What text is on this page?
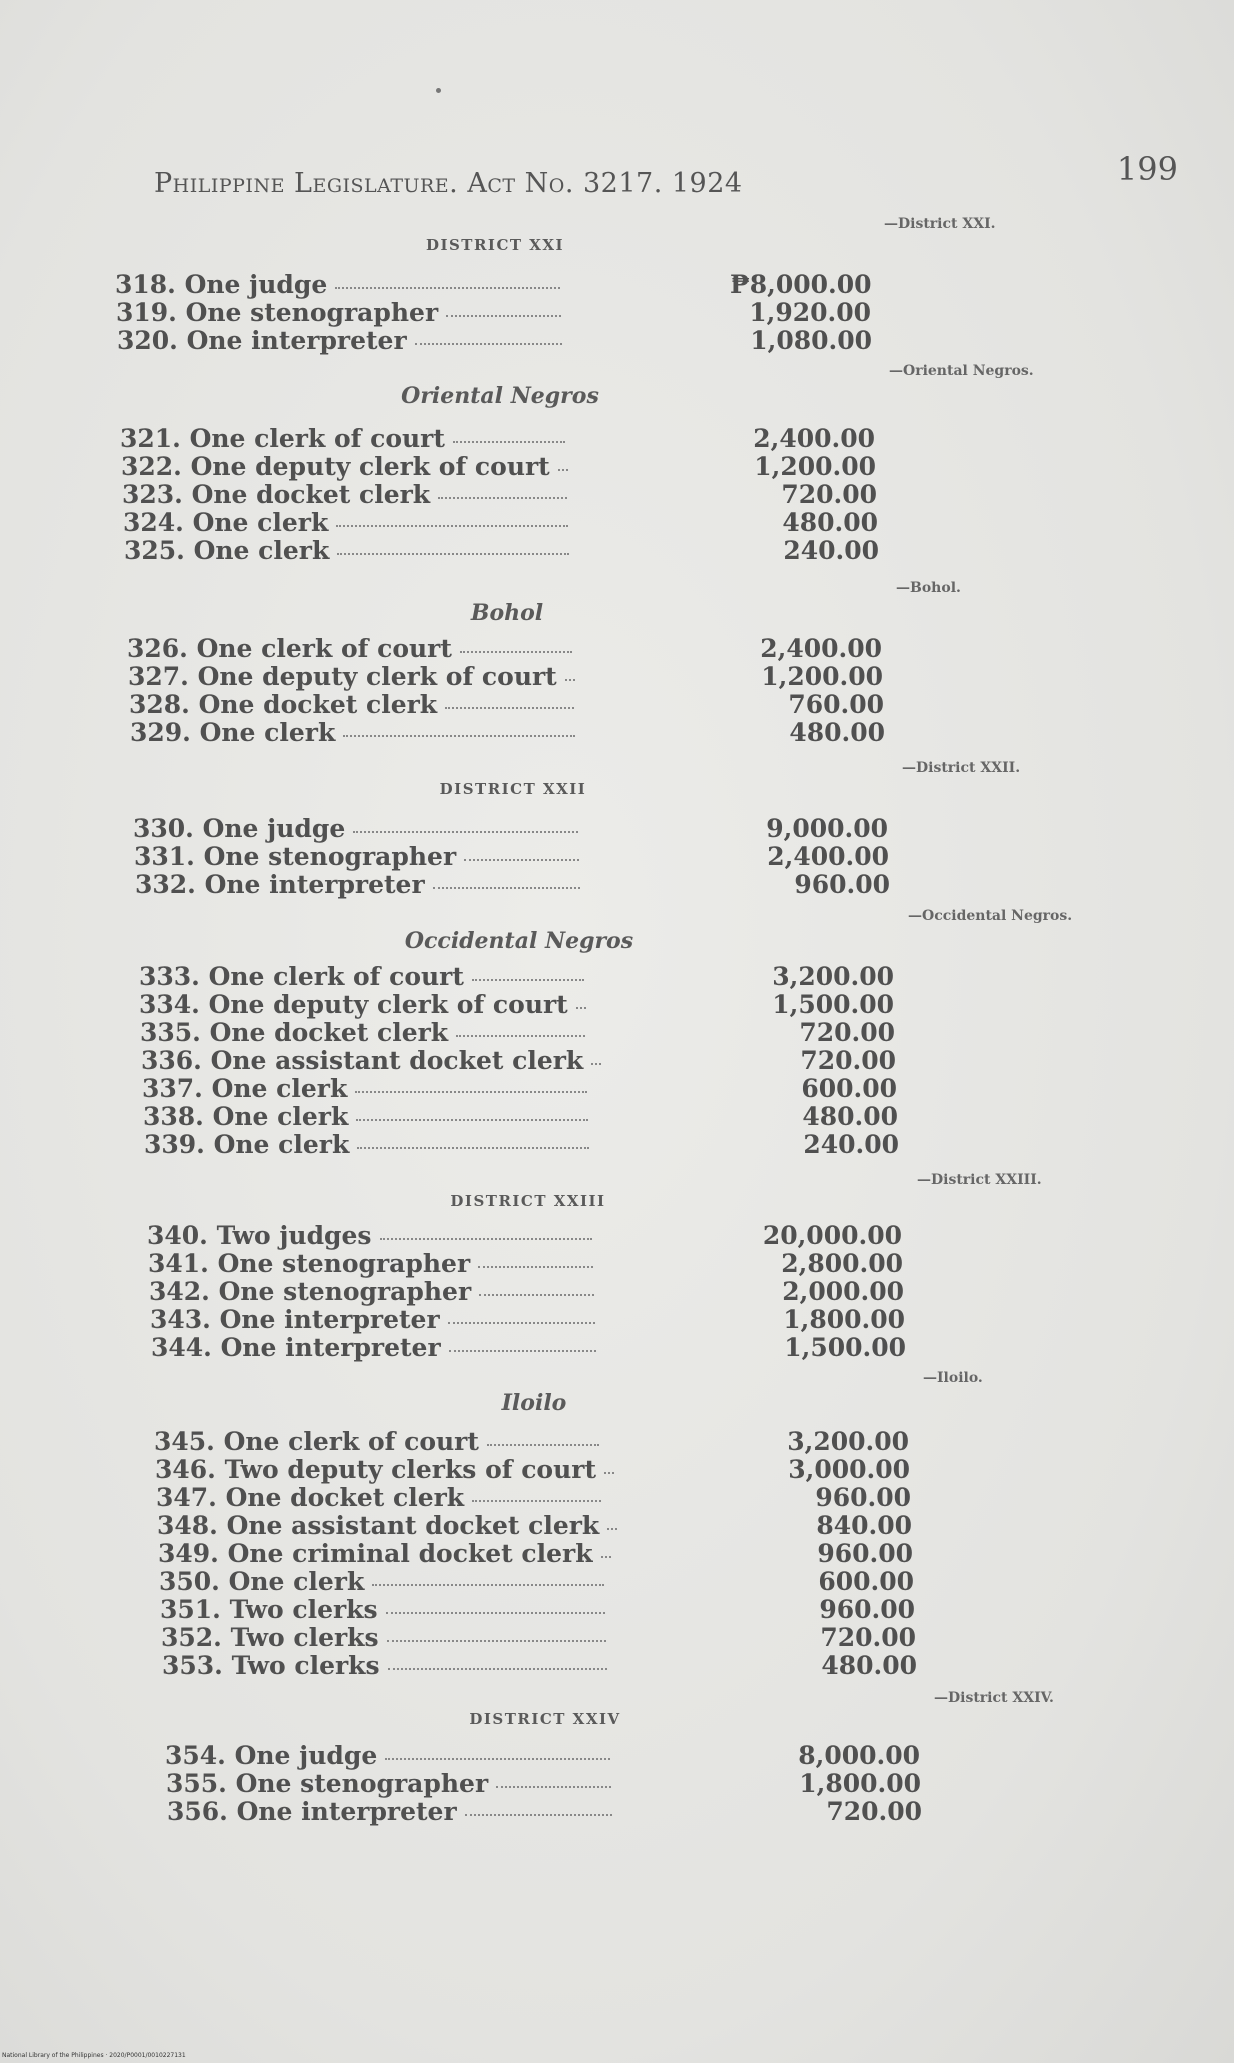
Philippine Legislature. Act No. 3217. 1924	199
DISTRICT XXI
—District XXI.
318. One judge	₱8,000.00
319. One stenographer	1,920.00
320. One interpreter	1,080.00
Oriental Negros
—Oriental Negros.
321. One clerk of court	2,400.00
322. One deputy clerk of court	1,200.00
323. One docket clerk	720.00
324. One clerk	480.00
325. One clerk	240.00
Bohol
—Bohol.
326. One clerk of court	2,400.00
327. One deputy clerk of court	1,200.00
328. One docket clerk	760.00
329. One clerk	480.00
DISTRICT XXII
—District XXII.
330. One judge	9,000.00
331. One stenographer	2,400.00
332. One interpreter	960.00
Occidental Negros
—Occidental Negros.
333. One clerk of court	3,200.00
334. One deputy clerk of court	1,500.00
335. One docket clerk	720.00
336. One assistant docket clerk	720.00
337. One clerk	600.00
338. One clerk	480.00
339. One clerk	240.00
DISTRICT XXIII
—District XXIII.
340. Two judges	20,000.00
341. One stenographer	2,800.00
342. One stenographer	2,000.00
343. One interpreter	1,800.00
344. One interpreter	1,500.00
Iloilo
—Iloilo.
345. One clerk of court	3,200.00
346. Two deputy clerks of court	3,000.00
347. One docket clerk	960.00
348. One assistant docket clerk	840.00
349. One criminal docket clerk	960.00
350. One clerk	600.00
351. Two clerks	960.00
352. Two clerks	720.00
353. Two clerks	480.00
DISTRICT XXIV
—District XXIV.
354. One judge	8,000.00
355. One stenographer	1,800.00
356. One interpreter	720.00
National Library of the Philippines · 2020/P0001/0010227131
